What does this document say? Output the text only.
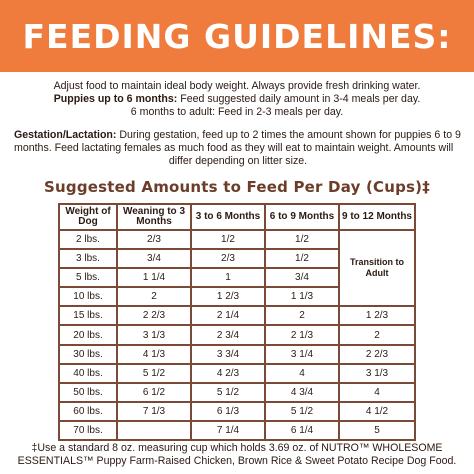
FEEDING GUIDELINES:

Adjust food to maintain ideal body weight. Always provide fresh drinking water.

Puppies up to 6 months: Feed suggested daily amount in 3-4 meals per day.

6 months to adult: Feed in 2-3 meals per day.

Gestation/Lactation: During gestation, feed up to 2 times the amount shown for puppies 6 to 9 months. Feed lactating females as much food as they will eat to maintain weight. Amounts will
differ depending on litter size.
Suggested Amounts to Feed Per Day (Cups)‡
Weight of Dog	Weaning to 3 Months	3 to 6 Months	6 to 9 Months	9 to 12 Months
2 lbs.	2/3	1/2	1/2	Transition to Adult
3 lbs.	3/4	2/3	1/2	
5 lbs.	1 1/4	1	3/4	
10 lbs.	2	1 2/3	1 1/3	
15 lbs.	2 2/3	2 1/4	2	1 2/3
20 lbs.	3 1/3	2 3/4	2 1/3	2
30 lbs.	4 1/3	3 3/4	3 1/4	2 2/3
40 lbs.	5 1/2	4 2/3	4	3 1/3
50 lbs.	6 1/2	5 1/2	4 3/4	4
60 lbs.	7 1/3	6 1/3	5 1/2	4 1/2
70 lbs.		7 1/4	6 1/4	5
‡Use a standard 8 oz. measuring cup which holds 3.69 oz. of NUTRO™ WHOLESOME ESSENTIALS™ Puppy Farm-Raised Chicken, Brown Rice & Sweet Potato Recipe Dog Food.
